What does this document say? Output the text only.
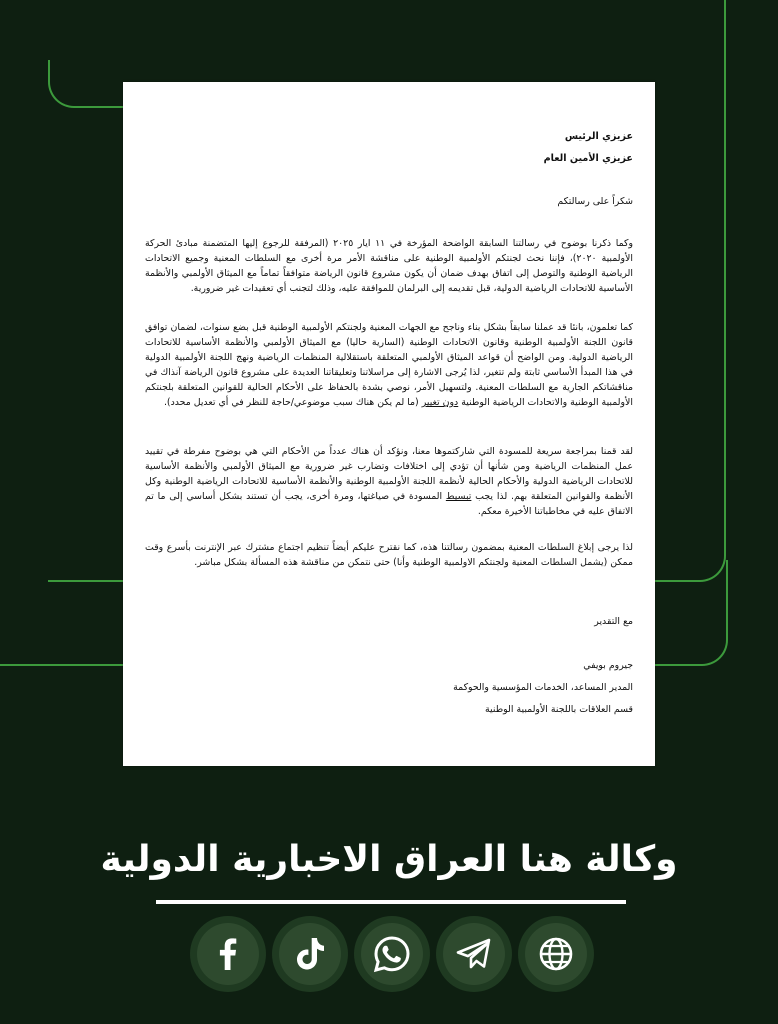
عزيزي الرئيس

عزيزي الأمين العام

شكراً على رسالتكم

وكما ذكرنا بوضوح في رسالتنا السابقة الواضحة المؤرخة في ١١ ايار ٢٠٢٥ (المرفقة للرجوع إليها المتضمنة مبادئ الحركة الأولمبية ٢٠٢٠)، فإننا نحث لجنتكم الأولمبية الوطنية على مناقشة الأمر مرة أخرى مع السلطات المعنية وجميع الاتحادات الرياضية الوطنية والتوصل إلى اتفاق بهدف ضمان أن يكون مشروع قانون الرياضة متوافقاً تماماً مع الميثاق الأولمبي والأنظمة الأساسية للاتحادات الرياضية الدولية، قبل تقديمه إلى البرلمان للموافقة عليه، وذلك لتجنب أي تعقيدات غير ضرورية.

كما تعلمون، بانئا قد عملنا سابقاً بشكل بناء وناجح مع الجهات المعنية ولجنتكم الأولمبية الوطنية قبل بضع سنوات، لضمان توافق قانون اللجنة الأولمبية الوطنية وقانون الاتحادات الوطنية (السارية حاليا) مع الميثاق الأولمبي والأنظمة الأساسية للاتحادات الرياضية الدولية. ومن الواضح أن قواعد الميثاق الأولمبي المتعلقة باستقلالية المنظمات الرياضية ونهج اللجنة الأولمبية الدولية في هذا المبدأ الأساسي ثابتة ولم تتغير، لذا يُرجى الاشارة إلى مراسلاتنا وتعليقاتنا العديدة على مشروع قانون الرياضة آنذاك في مناقشاتكم الجارية مع السلطات المعنية. ولتسهيل الأمر، نوصي بشدة بالحفاظ على الأحكام الحالية للقوانين المتعلقة بلجنتكم الأولمبية الوطنية والاتحادات الرياضية الوطنية دون تغيير (ما لم يكن هناك سبب موضوعي/حاجة للنظر في أي تعديل محدد).

لقد قمنا بمراجعة سريعة للمسودة التي شاركتموها معنا، ونؤكد أن هناك عدداً من الأحكام التي هي بوضوح مفرطة في تقييد عمل المنظمات الرياضية ومن شأنها أن تؤدي إلى اختلافات وتضارب غير ضرورية مع الميثاق الأولمبي والأنظمة الأساسية للاتحادات الرياضية الدولية والأحكام الحالية لأنظمة اللجنة الأولمبية الوطنية والأنظمة الأساسية للاتحادات الرياضية الوطنية وكل الأنظمة والقوانين المتعلقة بهم. لذا يجب تبسيط المسودة في صياغتها، ومرة أخرى، يجب أن تستند بشكل أساسي إلى ما تم الاتفاق عليه في مخاطباتنا الأخيرة معكم.

لذا يرجى إبلاغ السلطات المعنية بمضمون رسالتنا هذه، كما نقترح عليكم أيضاً تنظيم اجتماع مشترك عبر الإنترنت بأسرع وقت ممكن (يشمل السلطات المعنية ولجنتكم الاولمبية الوطنية وأنا) حتى نتمكن من مناقشة هذه المسألة بشكل مباشر.

مع التقدير

جيروم بويفي

المدير المساعد، الخدمات المؤسسية والحوكمة

قسم العلاقات باللجنة الأولمبية الوطنية

وكالة هنا العراق الاخبارية الدولية
